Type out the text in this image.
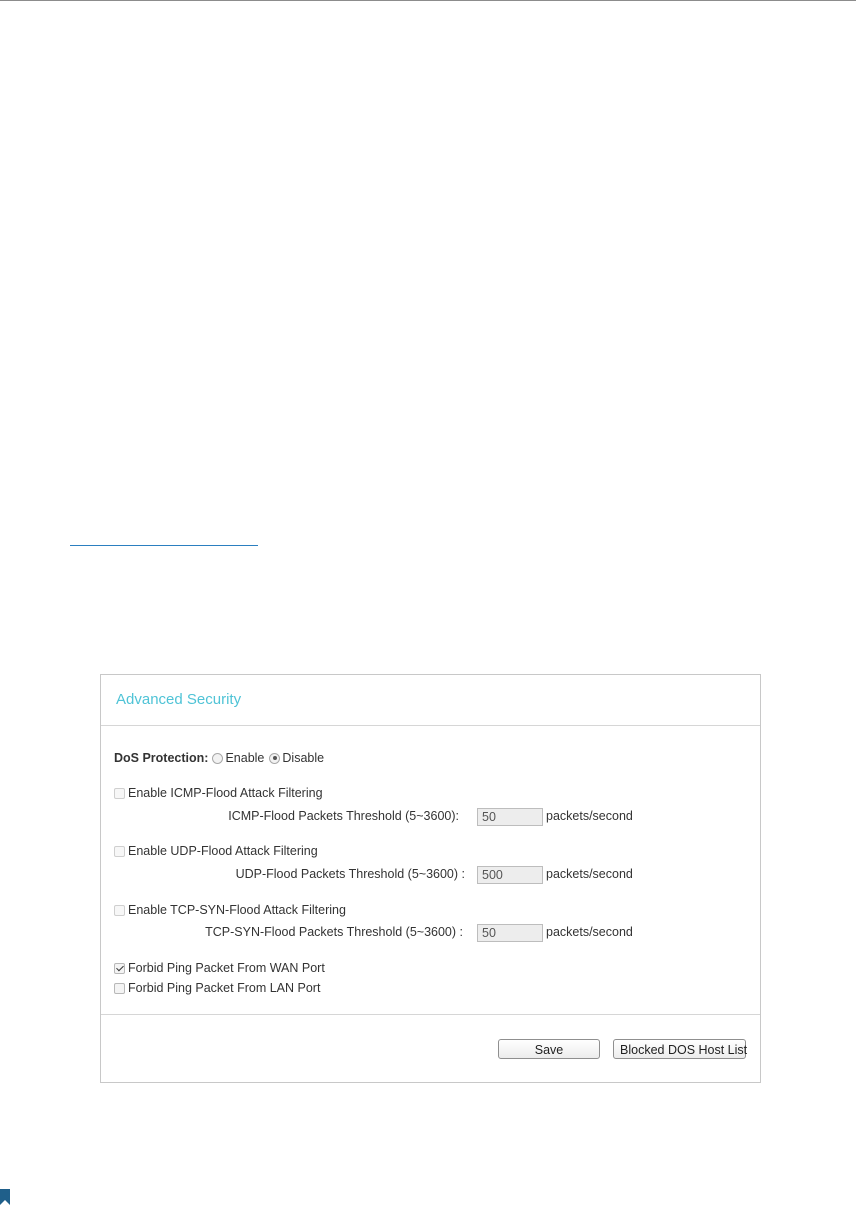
Advanced Security
DoS Protection: Enable Disable
Enable ICMP-Flood Attack Filtering
ICMP-Flood Packets Threshold (5~3600):
50	packets/second
Enable UDP-Flood Attack Filtering
UDP-Flood Packets Threshold (5~3600) :
500	packets/second
Enable TCP-SYN-Flood Attack Filtering
TCP-SYN-Flood Packets Threshold (5~3600) :
50	packets/second
Forbid Ping Packet From WAN Port
Forbid Ping Packet From LAN Port
Save	Blocked DOS Host List
